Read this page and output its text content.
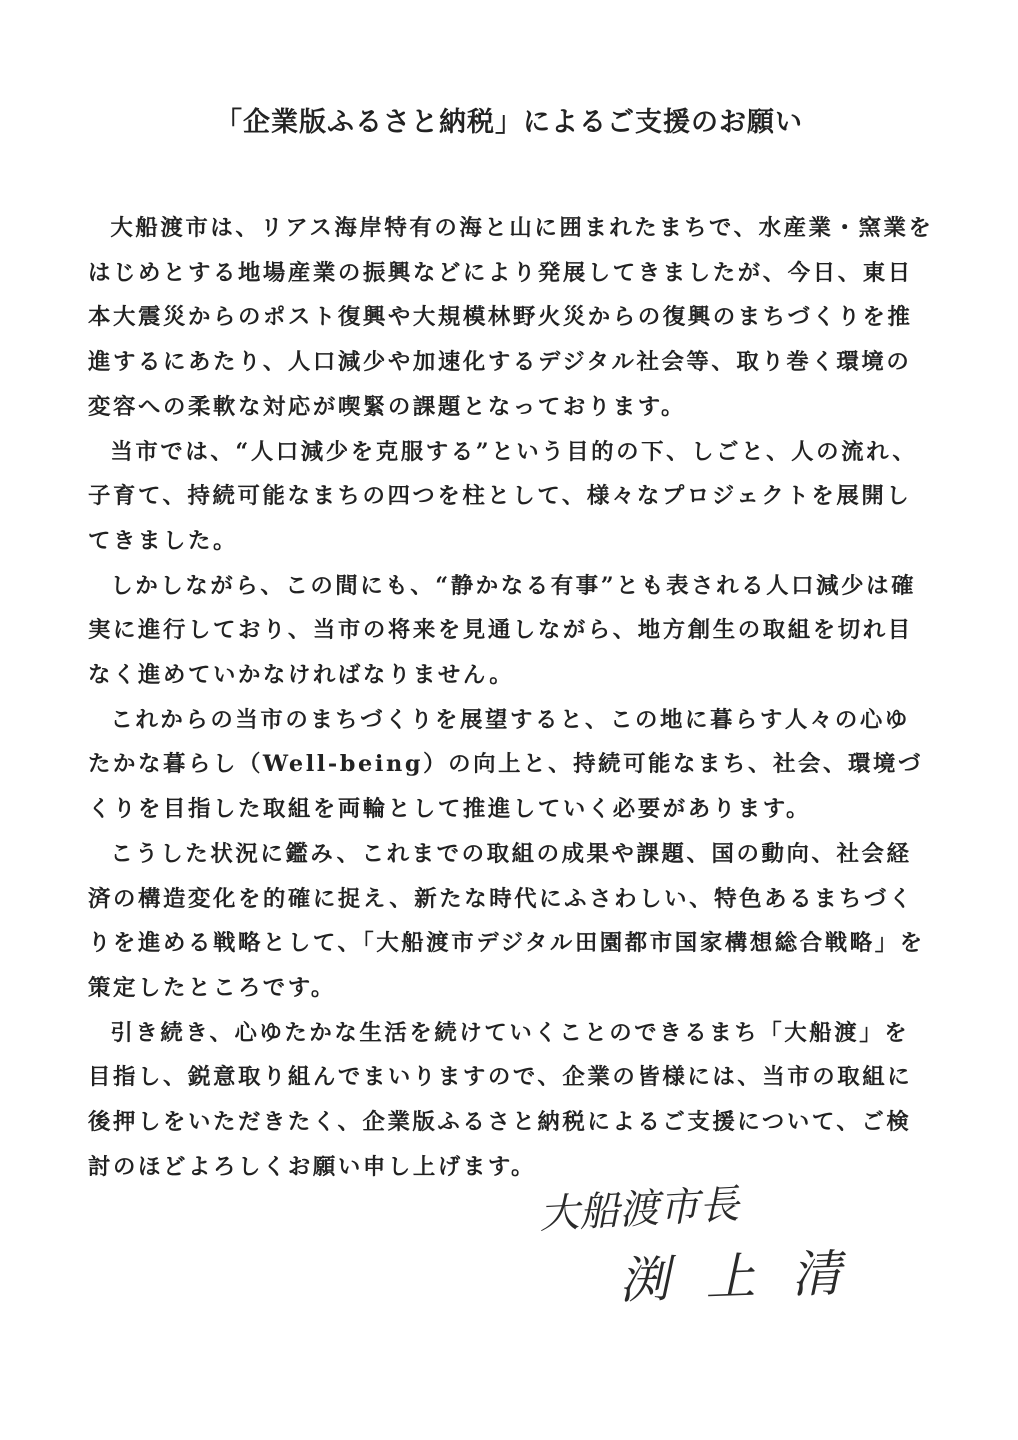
「企業版ふるさと納税」によるご支援のお願い

大船渡市は、リアス海岸特有の海と山に囲まれたまちで、水産業・窯業をはじめとする地場産業の振興などにより発展してきましたが、今日、東日本大震災からのポスト復興や大規模林野火災からの復興のまちづくりを推進するにあたり、人口減少や加速化するデジタル社会等、取り巻く環境の変容への柔軟な対応が喫緊の課題となっております。

当市では、“人口減少を克服する”という目的の下、しごと、人の流れ、子育て、持続可能なまちの四つを柱として、様々なプロジェクトを展開してきました。

しかしながら、この間にも、“静かなる有事”とも表される人口減少は確実に進行しており、当市の将来を見通しながら、地方創生の取組を切れ目なく進めていかなければなりません。

これからの当市のまちづくりを展望すると、この地に暮らす人々の心ゆたかな暮らし（Well-being）の向上と、持続可能なまち、社会、環境づくりを目指した取組を両輪として推進していく必要があります。

こうした状況に鑑み、これまでの取組の成果や課題、国の動向、社会経済の構造変化を的確に捉え、新たな時代にふさわしい、特色あるまちづくりを進める戦略として、「大船渡市デジタル田園都市国家構想総合戦略」を策定したところです。

引き続き、心ゆたかな生活を続けていくことのできるまち「大船渡」を目指し、鋭意取り組んでまいりますので、企業の皆様には、当市の取組に後押しをいただきたく、企業版ふるさと納税によるご支援について、ご検討のほどよろしくお願い申し上げます。

大船渡市長
渕上清
